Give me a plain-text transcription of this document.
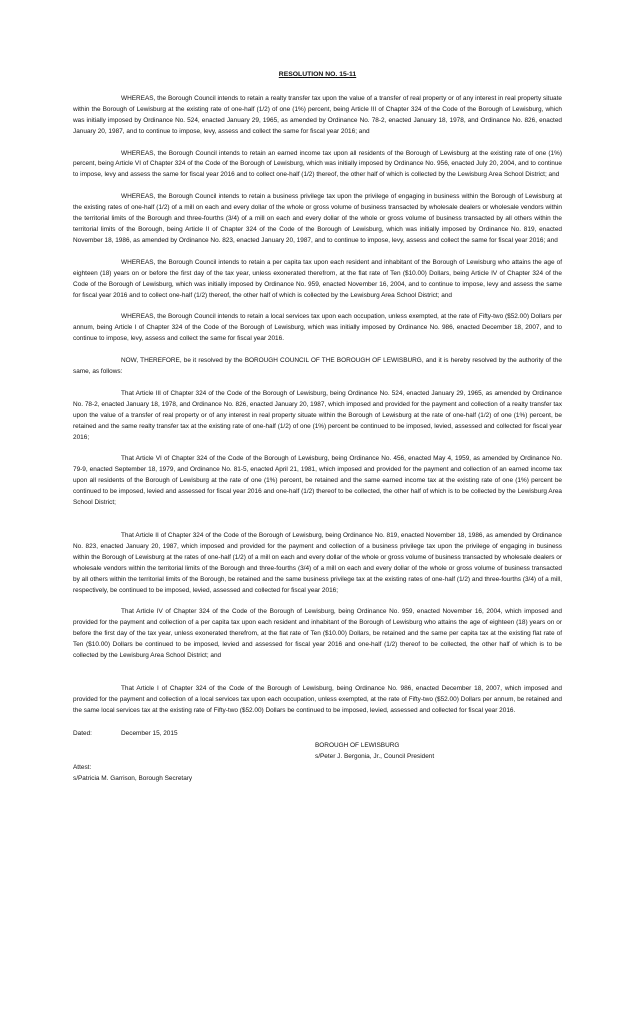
RESOLUTION NO. 15-11

WHEREAS, the Borough Council intends to retain a realty transfer tax upon the value of a transfer of real property or of any interest in real property situate within the Borough of Lewisburg at the existing rate of one-half (1/2) of one (1%) percent, being Article III of Chapter 324 of the Code of the Borough of Lewisburg, which was initially imposed by Ordinance No. 524, enacted January 29, 1965, as amended by Ordinance No. 78-2, enacted January 18, 1978, and Ordinance No. 826, enacted January 20, 1987, and to continue to impose, levy, assess and collect the same for fiscal year 2016; and

WHEREAS, the Borough Council intends to retain an earned income tax upon all residents of the Borough of Lewisburg at the existing rate of one (1%) percent, being Article VI of Chapter 324 of the Code of the Borough of Lewisburg, which was initially imposed by Ordinance No. 956, enacted July 20, 2004, and to continue to impose, levy and assess the same for fiscal year 2016 and to collect one-half (1/2) thereof, the other half of which is collected by the Lewisburg Area School District; and

WHEREAS, the Borough Council intends to retain a business privilege tax upon the privilege of engaging in business within the Borough of Lewisburg at the existing rates of one-half (1/2) of a mill on each and every dollar of the whole or gross volume of business transacted by wholesale dealers or wholesale vendors within the territorial limits of the Borough and three-fourths (3/4) of a mill on each and every dollar of the whole or gross volume of business transacted by all others within the territorial limits of the Borough, being Article II of Chapter 324 of the Code of the Borough of Lewisburg, which was initially imposed by Ordinance No. 819, enacted November 18, 1986, as amended by Ordinance No. 823, enacted January 20, 1987, and to continue to impose, levy, assess and collect the same for fiscal year 2016; and

WHEREAS, the Borough Council intends to retain a per capita tax upon each resident and inhabitant of the Borough of Lewisburg who attains the age of eighteen (18) years on or before the first day of the tax year, unless exonerated therefrom, at the flat rate of Ten ($10.00) Dollars, being Article IV of Chapter 324 of the Code of the Borough of Lewisburg, which was initially imposed by Ordinance No. 959, enacted November 16, 2004, and to continue to impose, levy and assess the same for fiscal year 2016 and to collect one-half (1/2) thereof, the other half of which is collected by the Lewisburg Area School District; and

WHEREAS, the Borough Council intends to retain a local services tax upon each occupation, unless exempted, at the rate of Fifty-two ($52.00) Dollars per annum, being Article I of Chapter 324 of the Code of the Borough of Lewisburg, which was initially imposed by Ordinance No. 986, enacted December 18, 2007, and to continue to impose, levy, assess and collect the same for fiscal year 2016.

NOW, THEREFORE, be it resolved by the BOROUGH COUNCIL OF THE BOROUGH OF LEWISBURG, and it is hereby resolved by the authority of the same, as follows:

That Article III of Chapter 324 of the Code of the Borough of Lewisburg, being Ordinance No. 524, enacted January 29, 1965, as amended by Ordinance No. 78-2, enacted January 18, 1978, and Ordinance No. 826, enacted January 20, 1987, which imposed and provided for the payment and collection of a realty transfer tax upon the value of a transfer of real property or of any interest in real property situate within the Borough of Lewisburg at the rate of one-half (1/2) of one (1%) percent, be retained and the same realty transfer tax at the existing rate of one-half (1/2) of one (1%) percent be continued to be imposed, levied, assessed and collected for fiscal year 2016;

That Article VI of Chapter 324 of the Code of the Borough of Lewisburg, being Ordinance No. 456, enacted May 4, 1959, as amended by Ordinance No. 79-9, enacted September 18, 1979, and Ordinance No. 81-5, enacted April 21, 1981, which imposed and provided for the payment and collection of an earned income tax upon all residents of the Borough of Lewisburg at the rate of one (1%) percent, be retained and the same earned income tax at the existing rate of one (1%) percent be continued to be imposed, levied and assessed for fiscal year 2016 and one-half (1/2) thereof to be collected, the other half of which is to be collected by the Lewisburg Area School District;

That Article II of Chapter 324 of the Code of the Borough of Lewisburg, being Ordinance No. 819, enacted November 18, 1986, as amended by Ordinance No. 823, enacted January 20, 1987, which imposed and provided for the payment and collection of a business privilege tax upon the privilege of engaging in business within the Borough of Lewisburg at the rates of one-half (1/2) of a mill on each and every dollar of the whole or gross volume of business transacted by wholesale dealers or wholesale vendors within the territorial limits of the Borough and three-fourths (3/4) of a mill on each and every dollar of the whole or gross volume of business transacted by all others within the territorial limits of the Borough, be retained and the same business privilege tax at the existing rates of one-half (1/2) and three-fourths (3/4) of a mill, respectively, be continued to be imposed, levied, assessed and collected for fiscal year 2016;

That Article IV of Chapter 324 of the Code of the Borough of Lewisburg, being Ordinance No. 959, enacted November 16, 2004, which imposed and provided for the payment and collection of a per capita tax upon each resident and inhabitant of the Borough of Lewisburg who attains the age of eighteen (18) years on or before the first day of the tax year, unless exonerated therefrom, at the flat rate of Ten ($10.00) Dollars, be retained and the same per capita tax at the existing flat rate of Ten ($10.00) Dollars be continued to be imposed, levied and assessed for fiscal year 2016 and one-half (1/2) thereof to be collected, the other half of which is to be collected by the Lewisburg Area School District; and

That Article I of Chapter 324 of the Code of the Borough of Lewisburg, being Ordinance No. 986, enacted December 18, 2007, which imposed and provided for the payment and collection of a local services tax upon each occupation, unless exempted, at the rate of Fifty-two ($52.00) Dollars per annum, be retained and the same local services tax at the existing rate of Fifty-two ($52.00) Dollars be continued to be imposed, levied, assessed and collected for fiscal year 2016.

Dated:	December 15, 2015
BOROUGH OF LEWISBURG
s/Peter J. Bergonia, Jr., Council President
Attest:
s/Patricia M. Garrison, Borough Secretary
